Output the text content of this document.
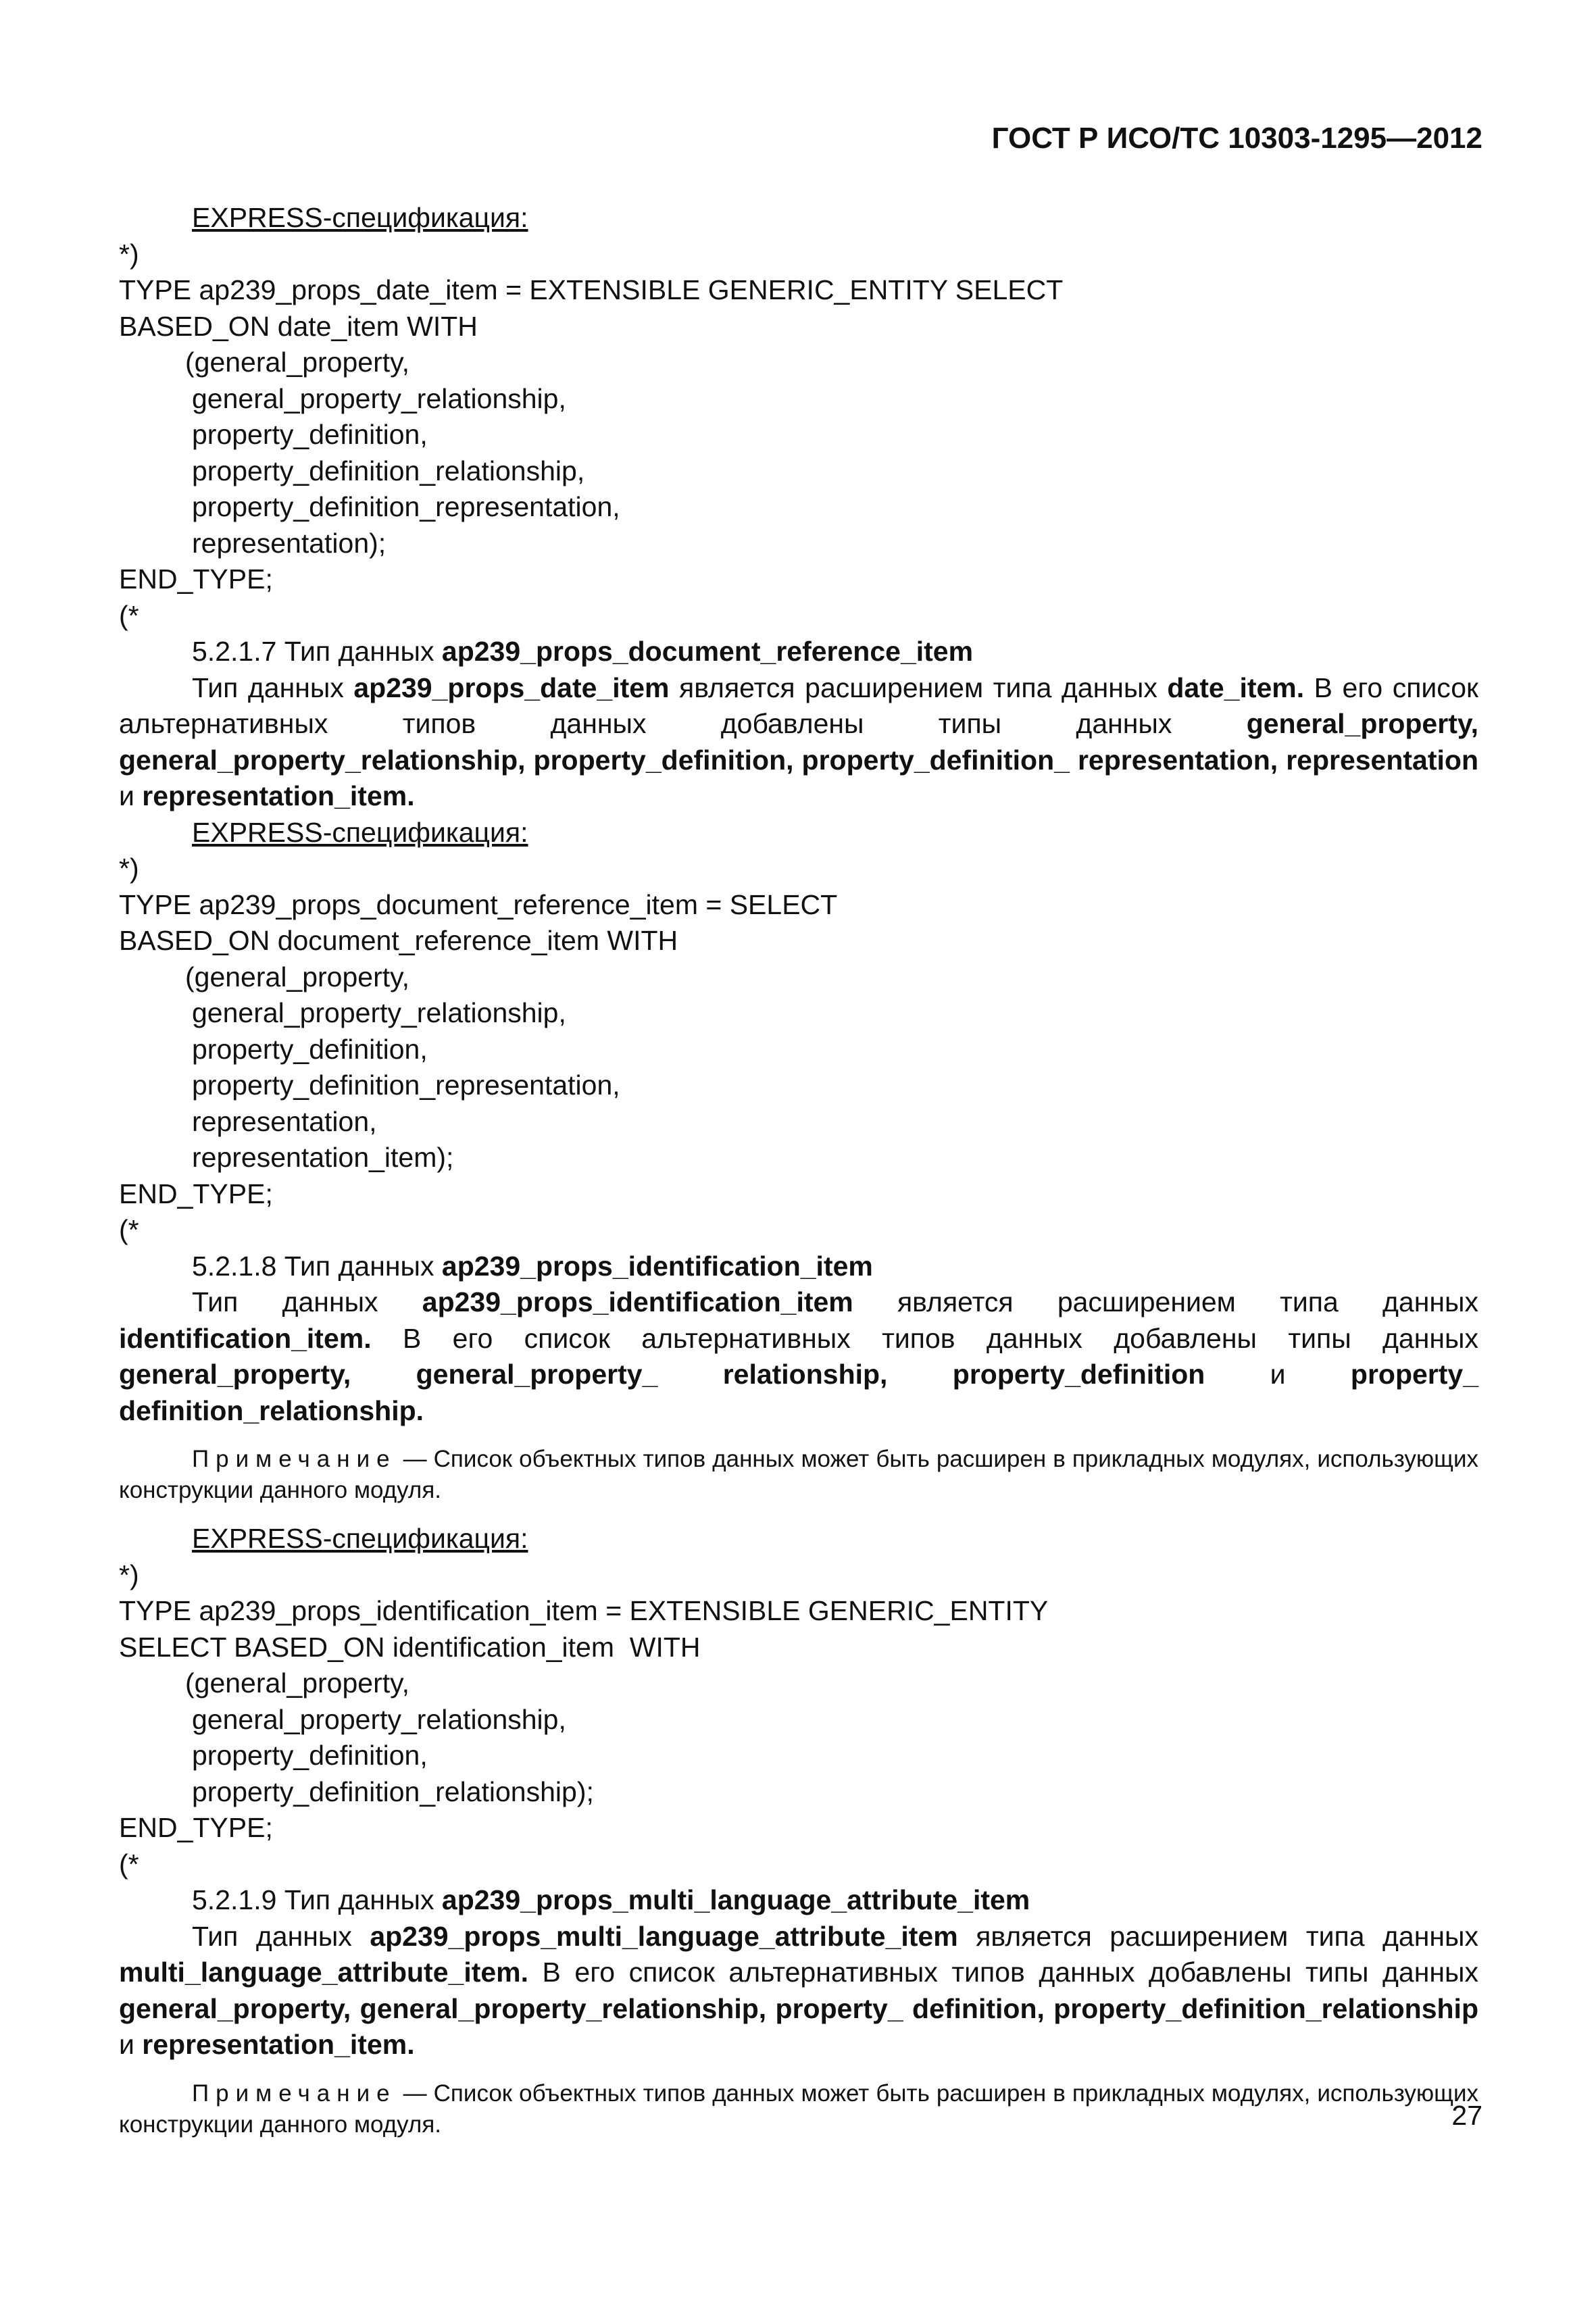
ГОСТ Р ИСО/ТС 10303-1295—2012
EXPRESS-спецификация:
*)
TYPE ap239_props_date_item = EXTENSIBLE GENERIC_ENTITY SELECT
BASED_ON date_item WITH
(general_property,
general_property_relationship,
property_definition,
property_definition_relationship,
property_definition_representation,
representation);
END_TYPE;
(*
5.2.1.7 Тип данных ap239_props_document_reference_item

Тип данных ap239_props_date_item является расширением типа данных date_item. В его список альтернативных типов данных добавлены типы данных general_property, general_property_relationship, property_definition, property_definition_ representation, representation и representation_item.

EXPRESS-спецификация:
*)
TYPE ap239_props_document_reference_item = SELECT
BASED_ON document_reference_item WITH
(general_property,
general_property_relationship,
property_definition,
property_definition_representation,
representation,
representation_item);
END_TYPE;
(*
5.2.1.8 Тип данных ap239_props_identification_item

Тип данных ap239_props_identification_item является расширением типа данных identification_item. В его список альтернативных типов данных добавлены типы данных general_property, general_property_ relationship, property_definition и property_ definition_relationship.

Примечание — Список объектных типов данных может быть расширен в прикладных модулях, использующих конструкции данного модуля.

EXPRESS-спецификация:
*)
TYPE ap239_props_identification_item = EXTENSIBLE GENERIC_ENTITY
SELECT BASED_ON identification_item  WITH
(general_property,
general_property_relationship,
property_definition,
property_definition_relationship);
END_TYPE;
(*
5.2.1.9 Тип данных ap239_props_multi_language_attribute_item

Тип данных ap239_props_multi_language_attribute_item является расширением типа данных multi_language_attribute_item. В его список альтернативных типов данных добавлены типы данных general_property, general_property_relationship, property_ definition, property_definition_relationship и representation_item.

Примечание — Список объектных типов данных может быть расширен в прикладных модулях, использующих конструкции данного модуля.	27
